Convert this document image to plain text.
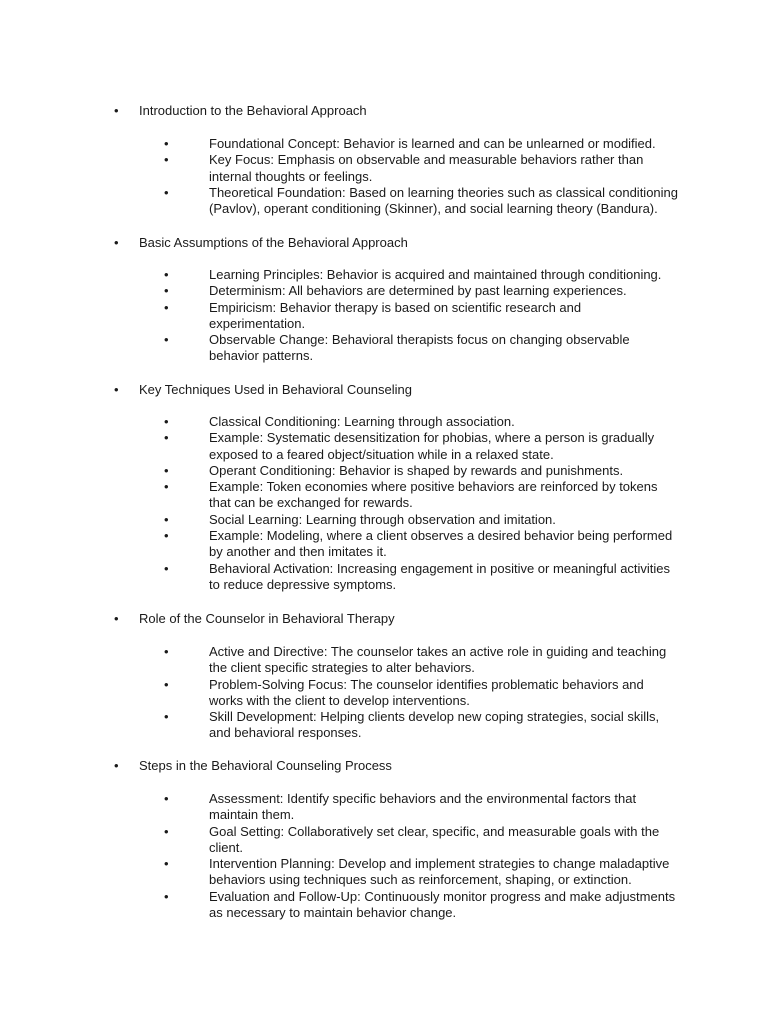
• Introduction to the Behavioral Approach

•	Foundational Concept: Behavior is learned and can be unlearned or modified.
•	Key Focus: Emphasis on observable and measurable behaviors rather than internal thoughts or feelings.
•	Theoretical Foundation: Based on learning theories such as classical conditioning (Pavlov), operant conditioning (Skinner), and social learning theory (Bandura).

• Basic Assumptions of the Behavioral Approach

•	Learning Principles: Behavior is acquired and maintained through conditioning.
•	Determinism: All behaviors are determined by past learning experiences.
•	Empiricism: Behavior therapy is based on scientific research and experimentation.
•	Observable Change: Behavioral therapists focus on changing observable behavior patterns.

• Key Techniques Used in Behavioral Counseling

•	Classical Conditioning: Learning through association.
•	Example: Systematic desensitization for phobias, where a person is gradually exposed to a feared object/situation while in a relaxed state.
•	Operant Conditioning: Behavior is shaped by rewards and punishments.
•	Example: Token economies where positive behaviors are reinforced by tokens that can be exchanged for rewards.
•	Social Learning: Learning through observation and imitation.
•	Example: Modeling, where a client observes a desired behavior being performed by another and then imitates it.
•	Behavioral Activation: Increasing engagement in positive or meaningful activities to reduce depressive symptoms.

• Role of the Counselor in Behavioral Therapy

•	Active and Directive: The counselor takes an active role in guiding and teaching the client specific strategies to alter behaviors.
•	Problem-Solving Focus: The counselor identifies problematic behaviors and works with the client to develop interventions.
•	Skill Development: Helping clients develop new coping strategies, social skills, and behavioral responses.

• Steps in the Behavioral Counseling Process

•	Assessment: Identify specific behaviors and the environmental factors that maintain them.
•	Goal Setting: Collaboratively set clear, specific, and measurable goals with the client.
•	Intervention Planning: Develop and implement strategies to change maladaptive behaviors using techniques such as reinforcement, shaping, or extinction.
•	Evaluation and Follow-Up: Continuously monitor progress and make adjustments as necessary to maintain behavior change.
